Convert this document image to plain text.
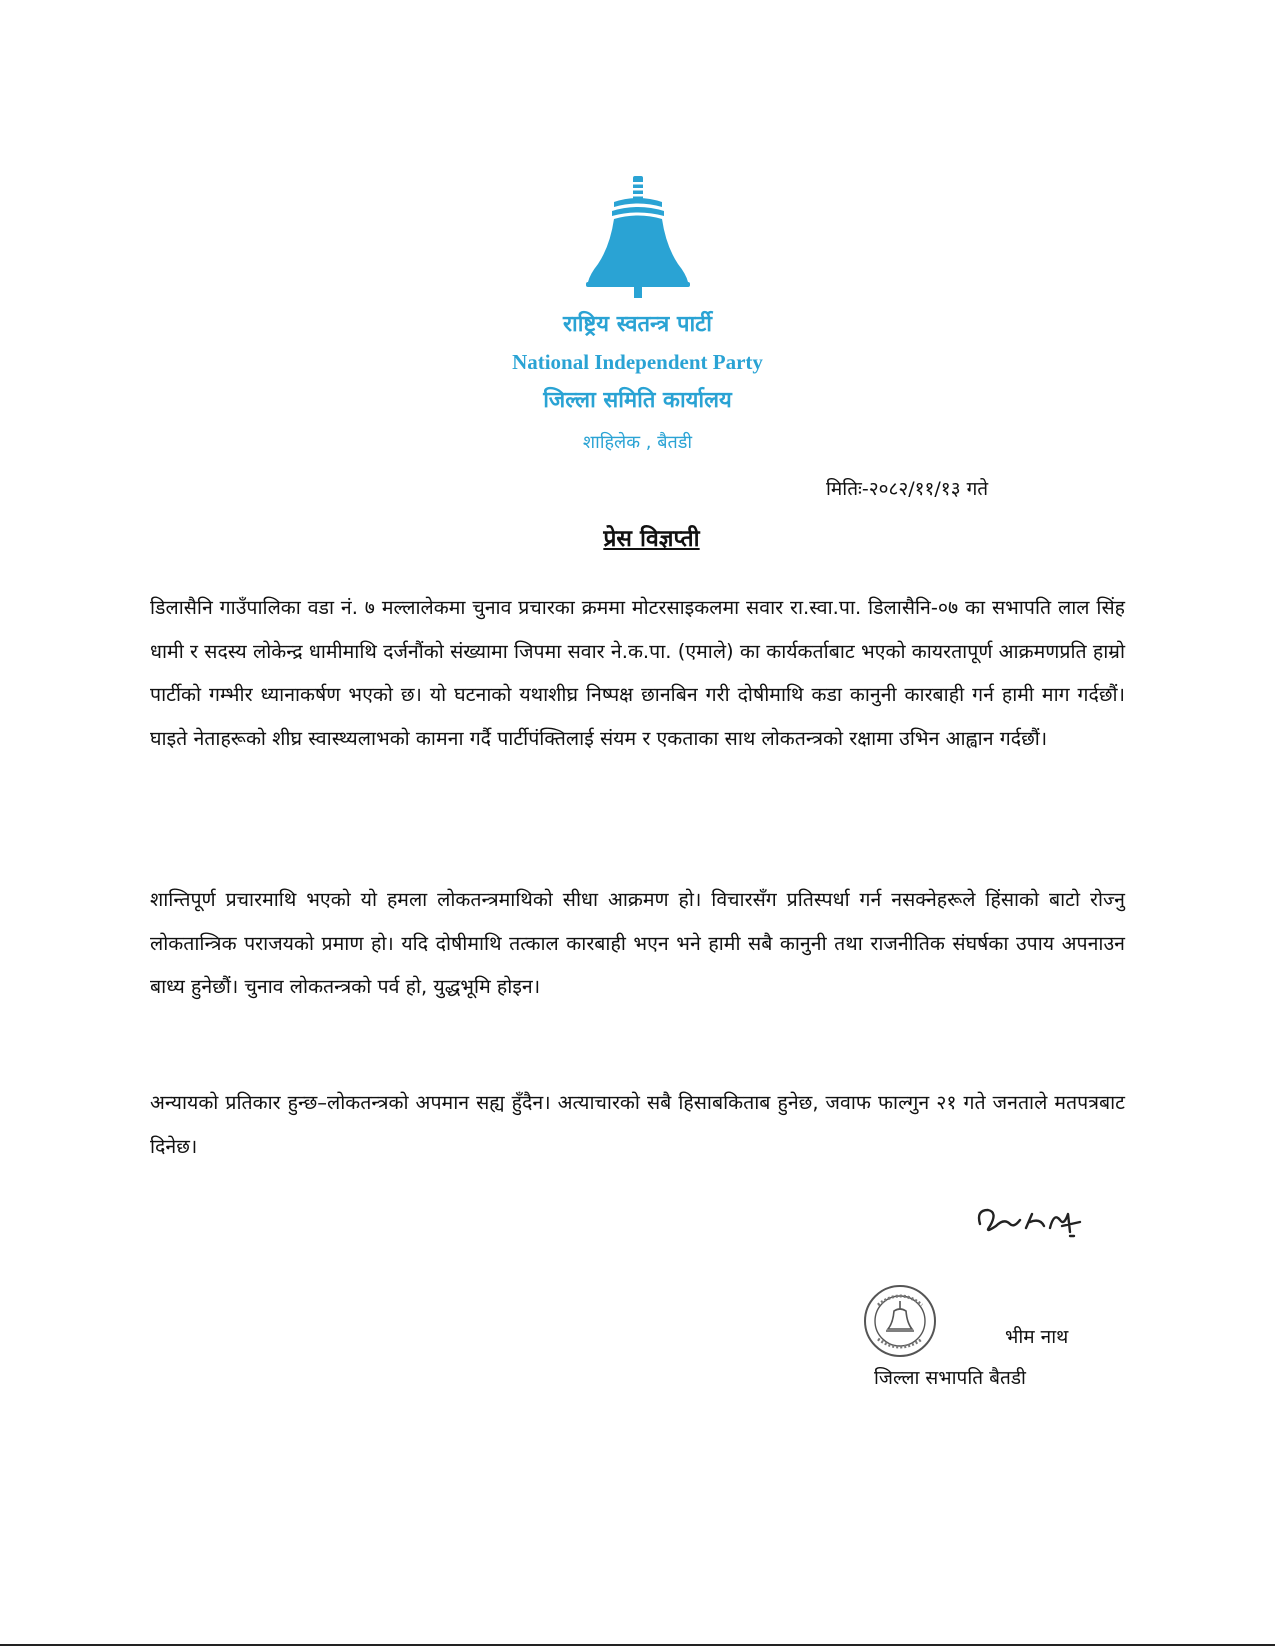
राष्ट्रिय स्वतन्त्र पार्टी
National Independent Party
जिल्ला समिति कार्यालय
शाहिलेक , बैतडी
मितिः-२०८२/११/१३ गते
प्रेस विज्ञप्ती

डिलासैनि गाउँपालिका वडा नं. ७ मल्लालेकमा चुनाव प्रचारका क्रममा मोटरसाइकलमा सवार रा.स्वा.पा. डिलासैनि-०७ का सभापति लाल सिंह धामी र सदस्य लोकेन्द्र धामीमाथि दर्जनौंको संख्यामा जिपमा सवार ने.क.पा. (एमाले) का कार्यकर्ताबाट भएको कायरतापूर्ण आक्रमणप्रति हाम्रो पार्टीको गम्भीर ध्यानाकर्षण भएको छ। यो घटनाको यथाशीघ्र निष्पक्ष छानबिन गरी दोषीमाथि कडा कानुनी कारबाही गर्न हामी माग गर्दछौं। घाइते नेताहरूको शीघ्र स्वास्थ्यलाभको कामना गर्दै पार्टीपंक्तिलाई संयम र एकताका साथ लोकतन्त्रको रक्षामा उभिन आह्वान गर्दछौं।

शान्तिपूर्ण प्रचारमाथि भएको यो हमला लोकतन्त्रमाथिको सीधा आक्रमण हो। विचारसँग प्रतिस्पर्धा गर्न नसक्नेहरूले हिंसाको बाटो रोज्नु लोकतान्त्रिक पराजयको प्रमाण हो। यदि दोषीमाथि तत्काल कारबाही भएन भने हामी सबै कानुनी तथा राजनीतिक संघर्षका उपाय अपनाउन बाध्य हुनेछौं। चुनाव लोकतन्त्रको पर्व हो, युद्धभूमि होइन।

अन्यायको प्रतिकार हुन्छ–लोकतन्त्रको अपमान सह्य हुँदैन। अत्याचारको सबै हिसाबकिताब हुनेछ, जवाफ फाल्गुन २१ गते जनताले मतपत्रबाट दिनेछ।

भीम नाथ
जिल्ला सभापति बैतडी
